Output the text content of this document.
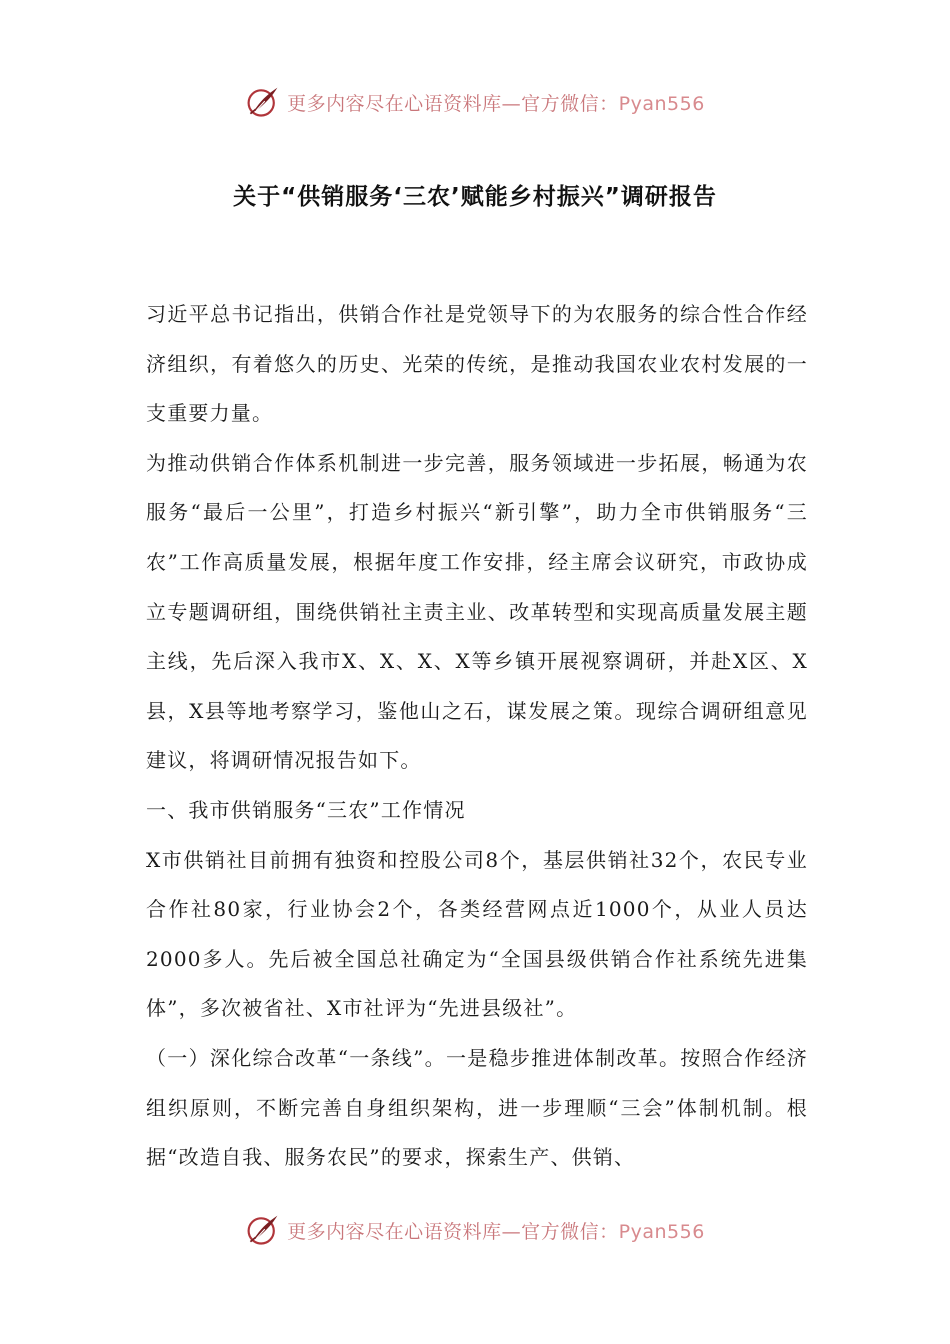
更多内容尽在心语资料库—官方微信：Pyan556
关于“供销服务‘三农’赋能乡村振兴”调研报告

习近平总书记指出，供销合作社是党领导下的为农服务的综合性合作经济组织，有着悠久的历史、光荣的传统，是推动我国农业农村发展的一支重要力量。

为推动供销合作体系机制进一步完善，服务领域进一步拓展，畅通为农服务“最后一公里”，打造乡村振兴“新引擎”，助力全市供销服务“三农”工作高质量发展，根据年度工作安排，经主席会议研究，市政协成立专题调研组，围绕供销社主责主业、改革转型和实现高质量发展主题主线，先后深入我市X、X、X、X等乡镇开展视察调研，并赴X区、X县，X县等地考察学习，鉴他山之石，谋发展之策。现综合调研组意见建议，将调研情况报告如下。

一、我市供销服务“三农”工作情况

X市供销社目前拥有独资和控股公司8个，基层供销社32个，农民专业合作社80家，行业协会2个，各类经营网点近1000个，从业人员达2000多人。先后被全国总社确定为“全国县级供销合作社系统先进集体”，多次被省社、X市社评为“先进县级社”。

（一）深化综合改革“一条线”。一是稳步推进体制改革。按照合作经济组织原则，不断完善自身组织架构，进一步理顺“三会”体制机制。根据“改造自我、服务农民”的要求，探索生产、供销、

更多内容尽在心语资料库—官方微信：Pyan556
